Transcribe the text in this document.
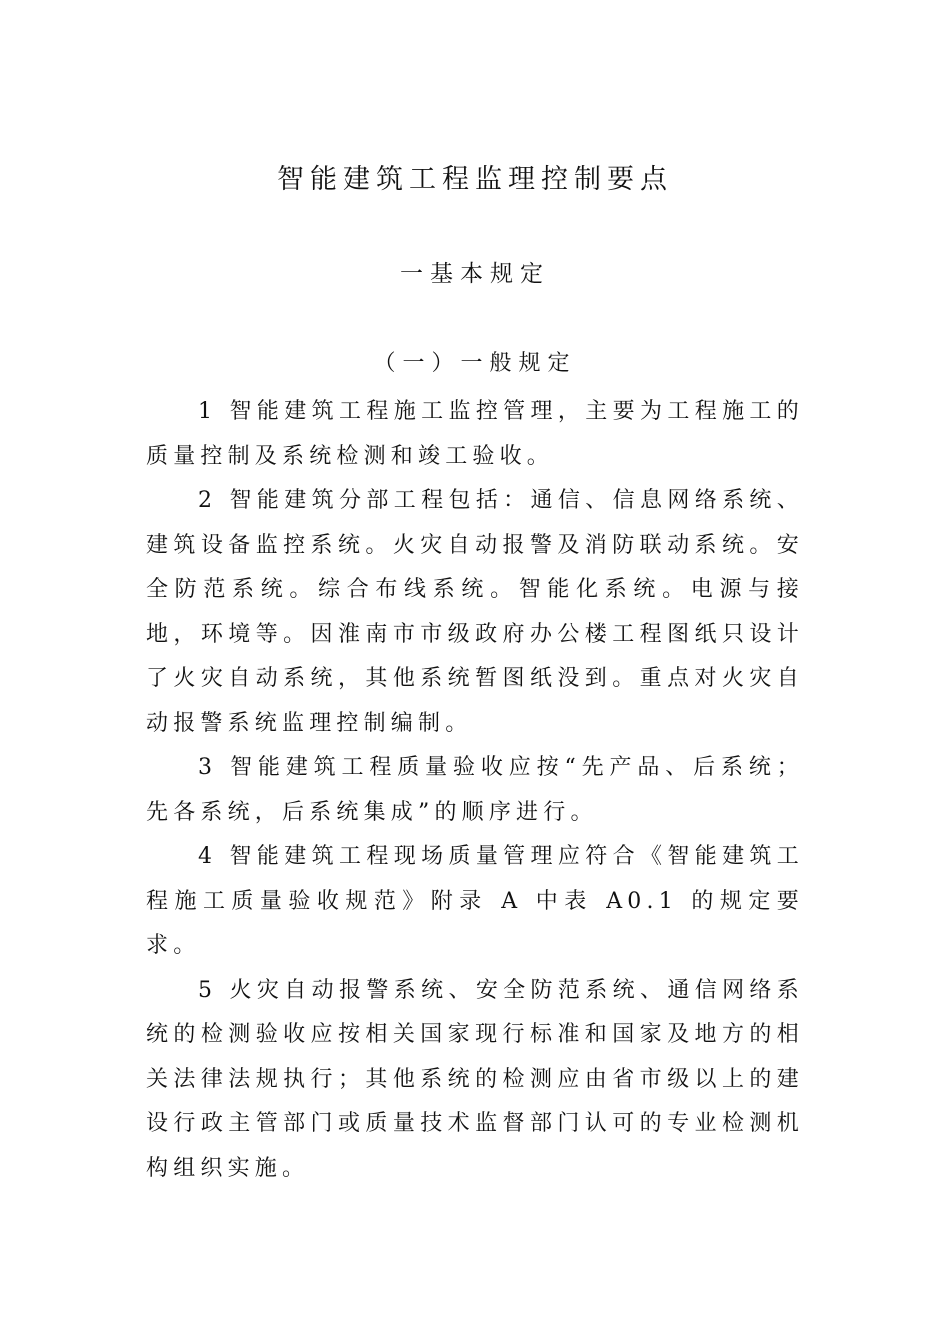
智能建筑工程监理控制要点
一基本规定
（一）一般规定

1 智能建筑工程施工监控管理，主要为工程施工的质量控制及系统检测和竣工验收。

2 智能建筑分部工程包括：通信、信息网络系统、建筑设备监控系统。火灾自动报警及消防联动系统。安全防范系统。综合布线系统。智能化系统。电源与接地，环境等。因淮南市市级政府办公楼工程图纸只设计了火灾自动系统，其他系统暂图纸没到。重点对火灾自动报警系统监理控制编制。

3 智能建筑工程质量验收应按“先产品、后系统；先各系统，后系统集成”的顺序进行。

4 智能建筑工程现场质量管理应符合《智能建筑工程施工质量验收规范》附录 A 中表 A0.1 的规定要求。

5 火灾自动报警系统、安全防范系统、通信网络系统的检测验收应按相关国家现行标准和国家及地方的相关法律法规执行；其他系统的检测应由省市级以上的建设行政主管部门或质量技术监督部门认可的专业检测机构组织实施。
